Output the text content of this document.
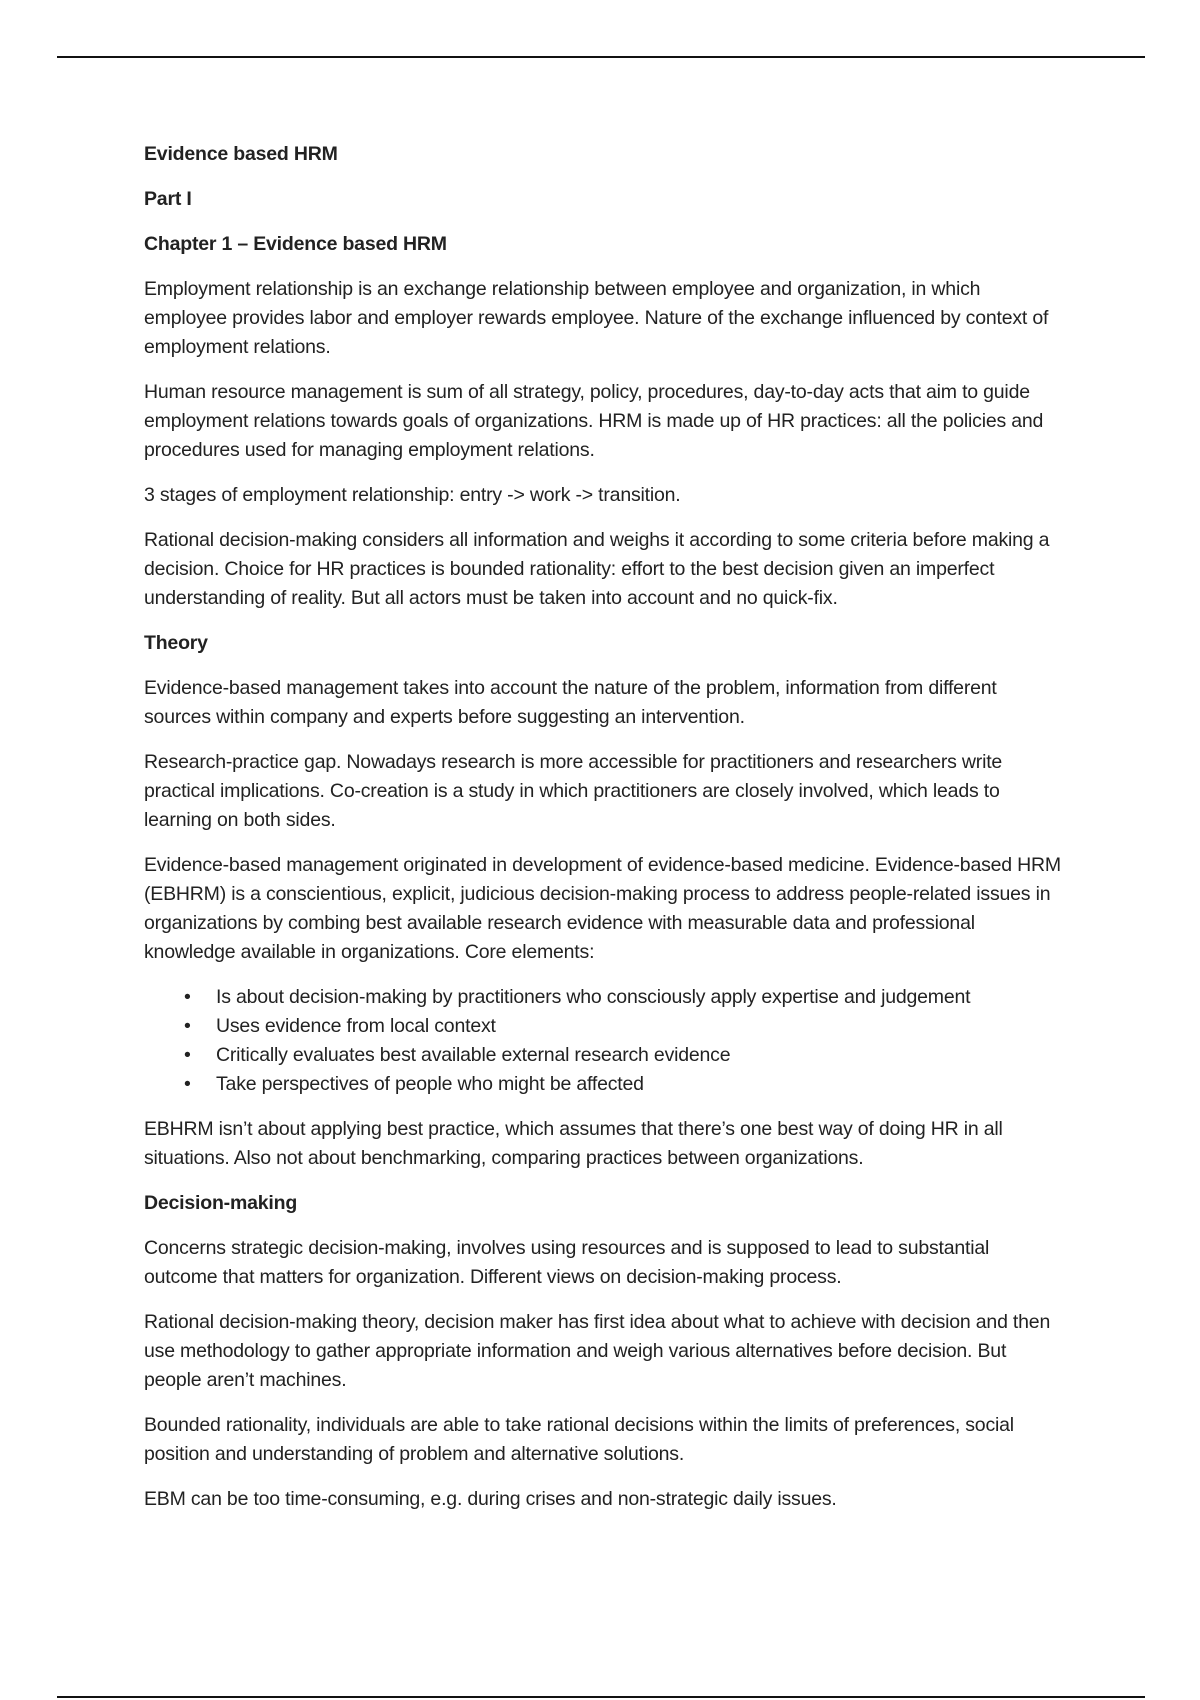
Evidence based HRM

Part I

Chapter 1 – Evidence based HRM

Employment relationship is an exchange relationship between employee and organization, in which employee provides labor and employer rewards employee. Nature of the exchange influenced by context of employment relations.

Human resource management is sum of all strategy, policy, procedures, day-to-day acts that aim to guide employment relations towards goals of organizations. HRM is made up of HR practices: all the policies and procedures used for managing employment relations.

3 stages of employment relationship: entry -> work -> transition.

Rational decision-making considers all information and weighs it according to some criteria before making a decision. Choice for HR practices is bounded rationality: effort to the best decision given an imperfect understanding of reality. But all actors must be taken into account and no quick-fix.

Theory

Evidence-based management takes into account the nature of the problem, information from different sources within company and experts before suggesting an intervention.

Research-practice gap. Nowadays research is more accessible for practitioners and researchers write practical implications. Co-creation is a study in which practitioners are closely involved, which leads to learning on both sides.

Evidence-based management originated in development of evidence-based medicine. Evidence-based HRM (EBHRM) is a conscientious, explicit, judicious decision-making process to address people-related issues in organizations by combing best available research evidence with measurable data and professional knowledge available in organizations. Core elements:

• Is about decision-making by practitioners who consciously apply expertise and judgement
• Uses evidence from local context
• Critically evaluates best available external research evidence
• Take perspectives of people who might be affected

EBHRM isn’t about applying best practice, which assumes that there’s one best way of doing HR in all situations. Also not about benchmarking, comparing practices between organizations.

Decision-making

Concerns strategic decision-making, involves using resources and is supposed to lead to substantial outcome that matters for organization. Different views on decision-making process.

Rational decision-making theory, decision maker has first idea about what to achieve with decision and then use methodology to gather appropriate information and weigh various alternatives before decision. But people aren’t machines.

Bounded rationality, individuals are able to take rational decisions within the limits of preferences, social position and understanding of problem and alternative solutions.

EBM can be too time-consuming, e.g. during crises and non-strategic daily issues.
